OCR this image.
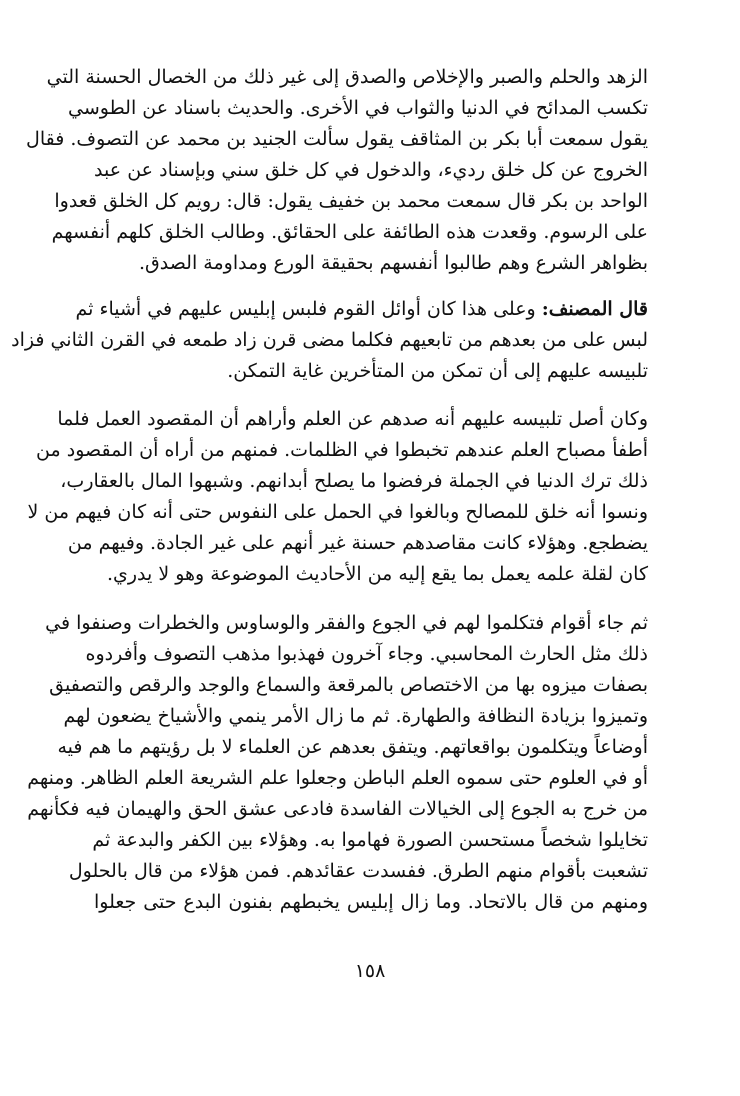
الزهد والحلم والصبر والإخلاص والصدق إلى غير ذلك من الخصال الحسنة التي
تكسب المدائح في الدنيا والثواب في الأخرى. والحديث باسناد عن الطوسي
يقول سمعت أبا بكر بن المثاقف يقول سألت الجنيد بن محمد عن التصوف. فقال
الخروج عن كل خلق رديء، والدخول في كل خلق سني وبإسناد عن عبد
الواحد بن بكر قال سمعت محمد بن خفيف يقول: قال: رويم كل الخلق قعدوا
على الرسوم. وقعدت هذه الطائفة على الحقائق. وطالب الخلق كلهم أنفسهم
بظواهر الشرع وهم طالبوا أنفسهم بحقيقة الورع ومداومة الصدق.
قال المصنف: وعلى هذا كان أوائل القوم فلبس إبليس عليهم في أشياء ثم
لبس على من بعدهم من تابعيهم فكلما مضى قرن زاد طمعه في القرن الثاني فزاد
تلبيسه عليهم إلى أن تمكن من المتأخرين غاية التمكن.
وكان أصل تلبيسه عليهم أنه صدهم عن العلم وأراهم أن المقصود العمل فلما
أطفأ مصباح العلم عندهم تخبطوا في الظلمات. فمنهم من أراه أن المقصود من
ذلك ترك الدنيا في الجملة فرفضوا ما يصلح أبدانهم. وشبهوا المال بالعقارب،
ونسوا أنه خلق للمصالح وبالغوا في الحمل على النفوس حتى أنه كان فيهم من لا
يضطجع. وهؤلاء كانت مقاصدهم حسنة غير أنهم على غير الجادة. وفيهم من
كان لقلة علمه يعمل بما يقع إليه من الأحاديث الموضوعة وهو لا يدري.
ثم جاء أقوام فتكلموا لهم في الجوع والفقر والوساوس والخطرات وصنفوا في
ذلك مثل الحارث المحاسبي. وجاء آخرون فهذبوا مذهب التصوف وأفردوه
بصفات ميزوه بها من الاختصاص بالمرقعة والسماع والوجد والرقص والتصفيق
وتميزوا بزيادة النظافة والطهارة. ثم ما زال الأمر ينمي والأشياخ يضعون لهم
أوضاعاً ويتكلمون بواقعاتهم. ويتفق بعدهم عن العلماء لا بل رؤيتهم ما هم فيه
أو في العلوم حتى سموه العلم الباطن وجعلوا علم الشريعة العلم الظاهر. ومنهم
من خرج به الجوع إلى الخيالات الفاسدة فادعى عشق الحق والهيمان فيه فكأنهم
تخايلوا شخصاً مستحسن الصورة فهاموا به. وهؤلاء بين الكفر والبدعة ثم
تشعبت بأقوام منهم الطرق. ففسدت عقائدهم. فمن هؤلاء من قال بالحلول
ومنهم من قال بالاتحاد. وما زال إبليس يخبطهم بفنون البدع حتى جعلوا
١٥٨
